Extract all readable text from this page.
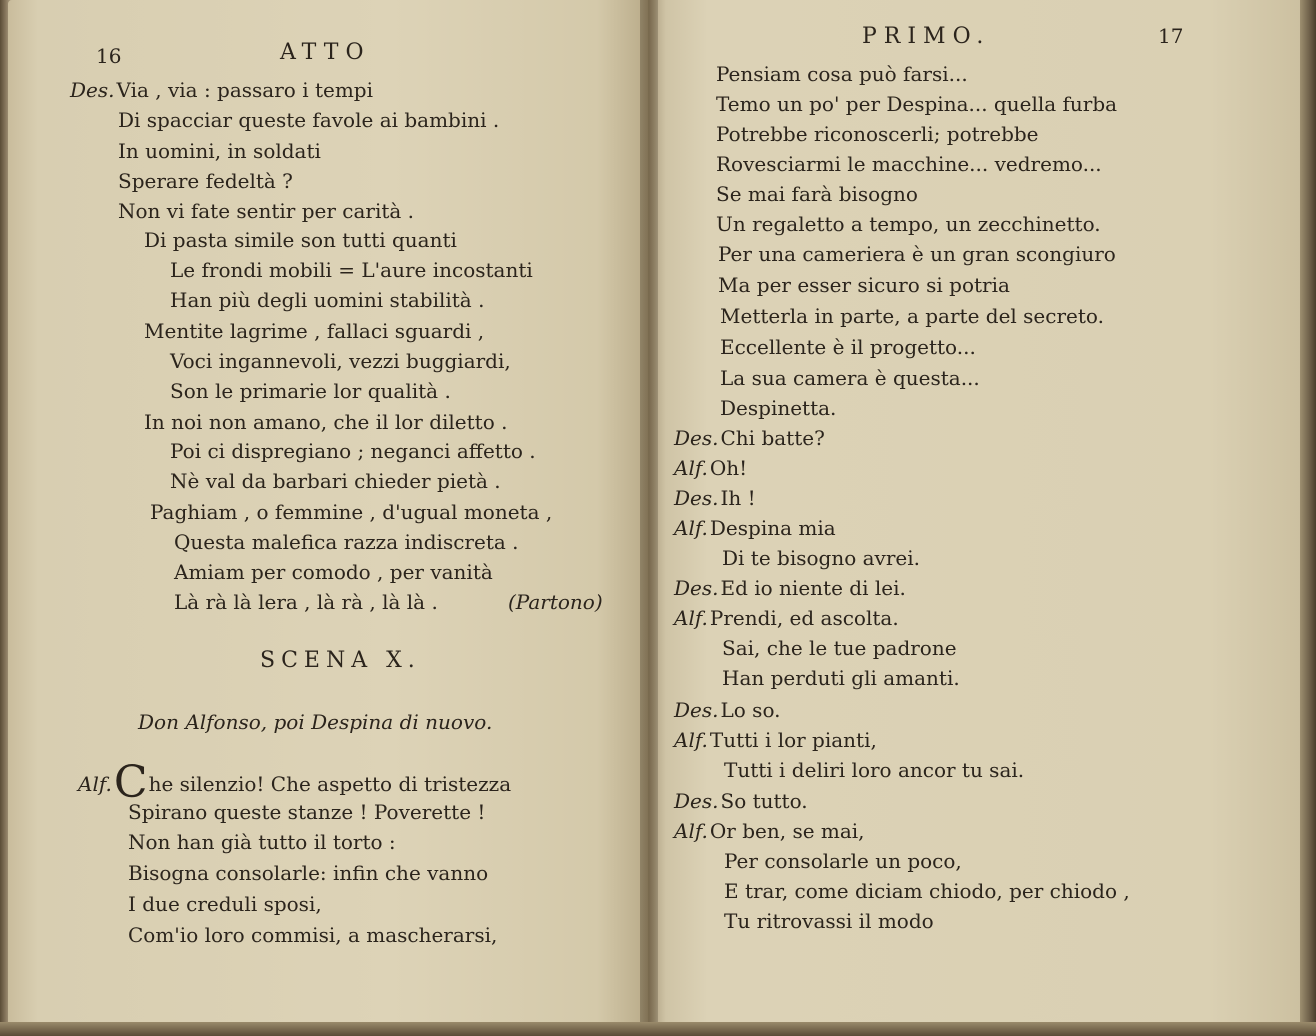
16	ATTO
Des. Via , via : passaro i tempi
Di spacciar queste favole ai bambini .
In uomini, in soldati
Sperare fedeltà ?
Non vi fate sentir per carità .
Di pasta simile son tutti quanti
Le frondi mobili = L'aure incostanti
Han più degli uomini stabilità .
Mentite lagrime , fallaci sguardi ,
Voci ingannevoli, vezzi buggiardi,
Son le primarie lor qualità .
In noi non amano, che il lor diletto .
Poi ci dispregiano ; neganci affetto .
Nè val da barbari chieder pietà .
Paghiam , o femmine , d'ugual moneta ,
Questa malefica razza indiscreta .
Amiam per comodo , per vanità
Là rà là lera , là rà , là là .	(Partono)
SCENA X.
Don Alfonso, poi Despina di nuovo.
Alf.Che silenzio! Che aspetto di tristezza
Spirano queste stanze ! Poverette !
Non han già tutto il torto :
Bisogna consolarle: infin che vanno
I due creduli sposi,
Com'io loro commisi, a mascherarsi,
PRIMO.	17
Pensiam cosa può farsi...
Temo un po' per Despina... quella furba
Potrebbe riconoscerli; potrebbe
Rovesciarmi le macchine... vedremo...
Se mai farà bisogno
Un regaletto a tempo, un zecchinetto.
Per una cameriera è un gran scongiuro
Ma per esser sicuro si potria
Metterla in parte, a parte del secreto.
Eccellente è il progetto...
La sua camera è questa...
Despinetta.
Des. Chi batte?
Alf. Oh!
Des. Ih !
Alf. Despina mia
Di te bisogno avrei.
Des. Ed io niente di lei.
Alf. Prendi, ed ascolta.
Sai, che le tue padrone
Han perduti gli amanti.
Des. Lo so.
Alf. Tutti i lor pianti,
Tutti i deliri loro ancor tu sai.
Des. So tutto.
Alf. Or ben, se mai,
Per consolarle un poco,
E trar, come diciam chiodo, per chiodo ,
Tu ritrovassi il modo
